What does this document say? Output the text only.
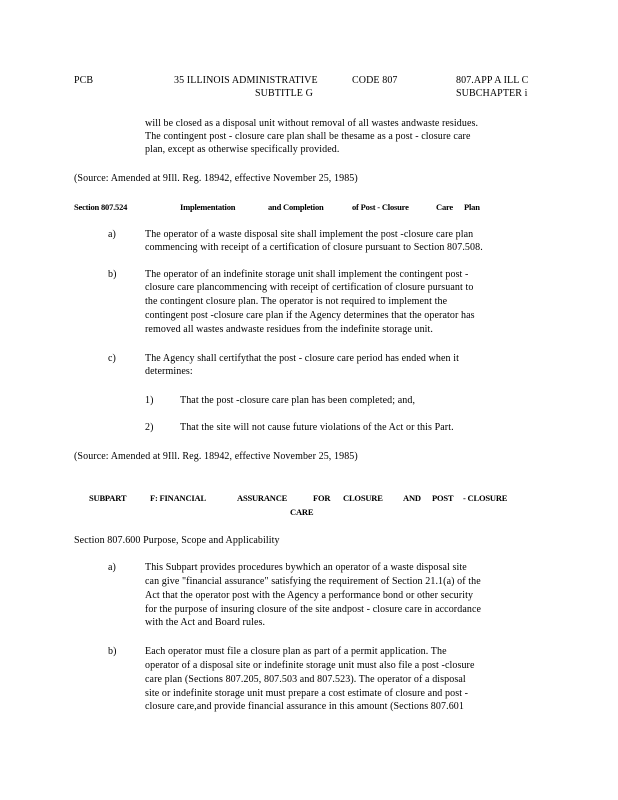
PCB	35 ILLINOIS ADMINISTRATIVE
SUBTITLE G
CODE 807	807.APP A ILL C
SUBCHAPTER i
will be closed as a disposal unit without removal of all wastes andwaste residues.
The contingent post - closure care plan shall be thesame as a post - closure care
plan, except as otherwise specifically provided.
(Source: Amended at 9Ill. Reg. 18942, effective November 25, 1985)
Section 807.524	Implementation	and Completion	of Post - Closure	Care Plan
a)	The operator of a waste disposal site shall implement the post -closure care plan
commencing with receipt of a certification of closure pursuant to Section 807.508.
b)	The operator of an indefinite storage unit shall implement the contingent post -
closure care plancommencing with receipt of certification of closure pursuant to
the contingent closure plan. The operator is not required to implement the
contingent post -closure care plan if the Agency determines that the operator has
removed all wastes andwaste residues from the indefinite storage unit.
c)	The Agency shall certifythat the post - closure care period has ended when it
determines:
1)	That the post -closure care plan has been completed; and,
2)	That the site will not cause future violations of the Act or this Part.
(Source: Amended at 9Ill. Reg. 18942, effective November 25, 1985)
SUBPART	F: FINANCIAL	ASSURANCE	FOR CLOSURE AND POST - CLOSURE
CARE
Section 807.600 Purpose, Scope and Applicability
a)	This Subpart provides procedures bywhich an operator of a waste disposal site
can give "financial assurance" satisfying the requirement of Section 21.1(a) of the
Act that the operator post with the Agency a performance bond or other security
for the purpose of insuring closure of the site andpost - closure care in accordance
with the Act and Board rules.
b)	Each operator must file a closure plan as part of a permit application. The
operator of a disposal site or indefinite storage unit must also file a post -closure
care plan (Sections 807.205, 807.503 and 807.523). The operator of a disposal
site or indefinite storage unit must prepare a cost estimate of closure and post -
closure care,and provide financial assurance in this amount (Sections 807.601
